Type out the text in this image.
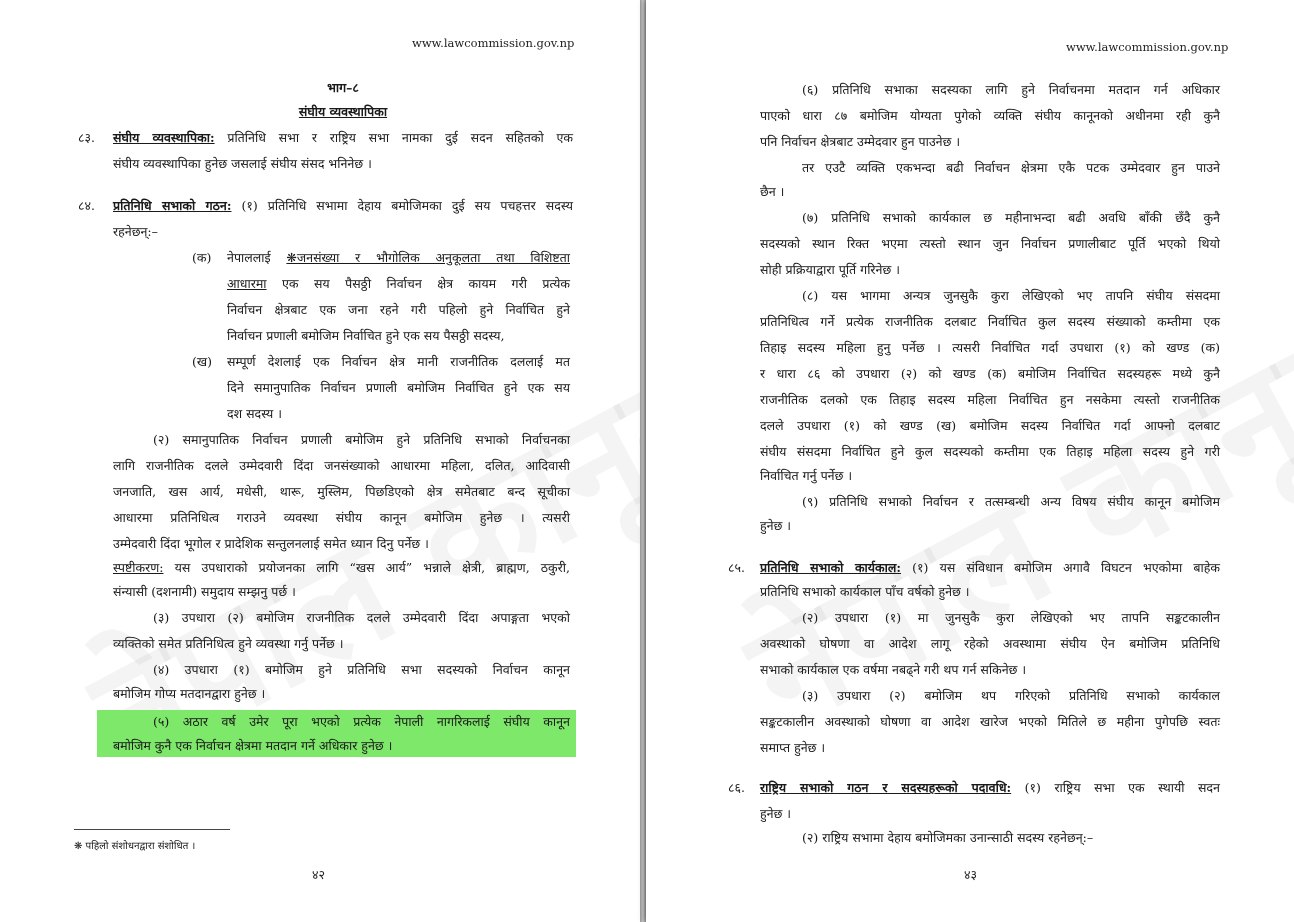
www.lawcommission.gov.np
भाग–८
संघीय व्यवस्थापिका
८३. संघीय व्यवस्थापिका: प्रतिनिधि सभा र राष्ट्रिय सभा नामका दुई सदन सहितको एक
संघीय व्यवस्थापिका हुनेछ जसलाई संघीय संसद भनिनेछ ।
८४. प्रतिनिधि सभाको गठन: (१) प्रतिनिधि सभामा देहाय बमोजिमका दुई सय पचहत्तर सदस्य
रहनेछन्:–
(क) नेपाललाई ❋जनसंख्या र भौगोलिक अनुकूलता तथा विशिष्टता
आधारमा एक सय पैसठ्ठी निर्वाचन क्षेत्र कायम गरी प्रत्येक
निर्वाचन क्षेत्रबाट एक जना रहने गरी पहिलो हुने निर्वाचित हुने
निर्वाचन प्रणाली बमोजिम निर्वाचित हुने एक सय पैसठ्ठी सदस्य,
(ख) सम्पूर्ण देशलाई एक निर्वाचन क्षेत्र मानी राजनीतिक दललाई मत
दिने समानुपातिक निर्वाचन प्रणाली बमोजिम निर्वाचित हुने एक सय
दश सदस्य ।
(२) समानुपातिक निर्वाचन प्रणाली बमोजिम हुने प्रतिनिधि सभाको निर्वाचनका
लागि राजनीतिक दलले उम्मेदवारी दिंदा जनसंख्याको आधारमा महिला, दलित, आदिवासी
जनजाति, खस आर्य, मधेसी, थारू, मुस्लिम, पिछडिएको क्षेत्र समेतबाट बन्द सूचीका
आधारमा प्रतिनिधित्व गराउने व्यवस्था संघीय कानून बमोजिम हुनेछ । त्यसरी
उम्मेदवारी दिंदा भूगोल र प्रादेशिक सन्तुलनलाई समेत ध्यान दिनु पर्नेछ ।
स्पष्टीकरण: यस उपधाराको प्रयोजनका लागि “खस आर्य” भन्नाले क्षेत्री, ब्राह्मण, ठकुरी,
संन्यासी (दशनामी) समुदाय सम्झनु पर्छ ।
(३) उपधारा (२) बमोजिम राजनीतिक दलले उम्मेदवारी दिंदा अपाङ्गता भएको
व्यक्तिको समेत प्रतिनिधित्व हुने व्यवस्था गर्नु पर्नेछ ।
(४) उपधारा (१) बमोजिम हुने प्रतिनिधि सभा सदस्यको निर्वाचन कानून
बमोजिम गोप्य मतदानद्वारा हुनेछ ।
(५) अठार वर्ष उमेर पूरा भएको प्रत्येक नेपाली नागरिकलाई संघीय कानून
बमोजिम कुनै एक निर्वाचन क्षेत्रमा मतदान गर्ने अधिकार हुनेछ ।
❋ पहिलो संशोधनद्वारा संशोधित ।
४२
www.lawcommission.gov.np
(६) प्रतिनिधि सभाका सदस्यका लागि हुने निर्वाचनमा मतदान गर्न अधिकार
पाएको धारा ८७ बमोजिम योग्यता पुगेको व्यक्ति संघीय कानूनको अधीनमा रही कुनै
पनि निर्वाचन क्षेत्रबाट उम्मेदवार हुन पाउनेछ ।
तर एउटै व्यक्ति एकभन्दा बढी निर्वाचन क्षेत्रमा एकै पटक उम्मेदवार हुन पाउने
छैन ।
(७) प्रतिनिधि सभाको कार्यकाल छ महीनाभन्दा बढी अवधि बाँकी छँदै कुनै
सदस्यको स्थान रिक्त भएमा त्यस्तो स्थान जुन निर्वाचन प्रणालीबाट पूर्ति भएको थियो
सोही प्रक्रियाद्वारा पूर्ति गरिनेछ ।
(८) यस भागमा अन्यत्र जुनसुकै कुरा लेखिएको भए तापनि संघीय संसदमा
प्रतिनिधित्व गर्ने प्रत्येक राजनीतिक दलबाट निर्वाचित कुल सदस्य संख्याको कम्तीमा एक
तिहाइ सदस्य महिला हुनु पर्नेछ । त्यसरी निर्वाचित गर्दा उपधारा (१) को खण्ड (क)
र धारा ८६ को उपधारा (२) को खण्ड (क) बमोजिम निर्वाचित सदस्यहरू मध्ये कुनै
राजनीतिक दलको एक तिहाइ सदस्य महिला निर्वाचित हुन नसकेमा त्यस्तो राजनीतिक
दलले उपधारा (१) को खण्ड (ख) बमोजिम सदस्य निर्वाचित गर्दा आफ्नो दलबाट
संघीय संसदमा निर्वाचित हुने कुल सदस्यको कम्तीमा एक तिहाइ महिला सदस्य हुने गरी
निर्वाचित गर्नु पर्नेछ ।
(९) प्रतिनिधि सभाको निर्वाचन र तत्सम्बन्धी अन्य विषय संघीय कानून बमोजिम
हुनेछ ।
८५. प्रतिनिधि सभाको कार्यकाल: (१) यस संविधान बमोजिम अगावै विघटन भएकोमा बाहेक
प्रतिनिधि सभाको कार्यकाल पाँच वर्षको हुनेछ ।
(२) उपधारा (१) मा जुनसुकै कुरा लेखिएको भए तापनि सङ्कटकालीन
अवस्थाको घोषणा वा आदेश लागू रहेको अवस्थामा संघीय ऐन बमोजिम प्रतिनिधि
सभाको कार्यकाल एक वर्षमा नबढ्ने गरी थप गर्न सकिनेछ ।
(३) उपधारा (२) बमोजिम थप गरिएको प्रतिनिधि सभाको कार्यकाल
सङ्कटकालीन अवस्थाको घोषणा वा आदेश खारेज भएको मितिले छ महीना पुगेपछि स्वतः
समाप्त हुनेछ ।
८६. राष्ट्रिय सभाको गठन र सदस्यहरूको पदावधि: (१) राष्ट्रिय सभा एक स्थायी सदन
हुनेछ ।
(२) राष्ट्रिय सभामा देहाय बमोजिमका उनान्साठी सदस्य रहनेछन्:–
४३
